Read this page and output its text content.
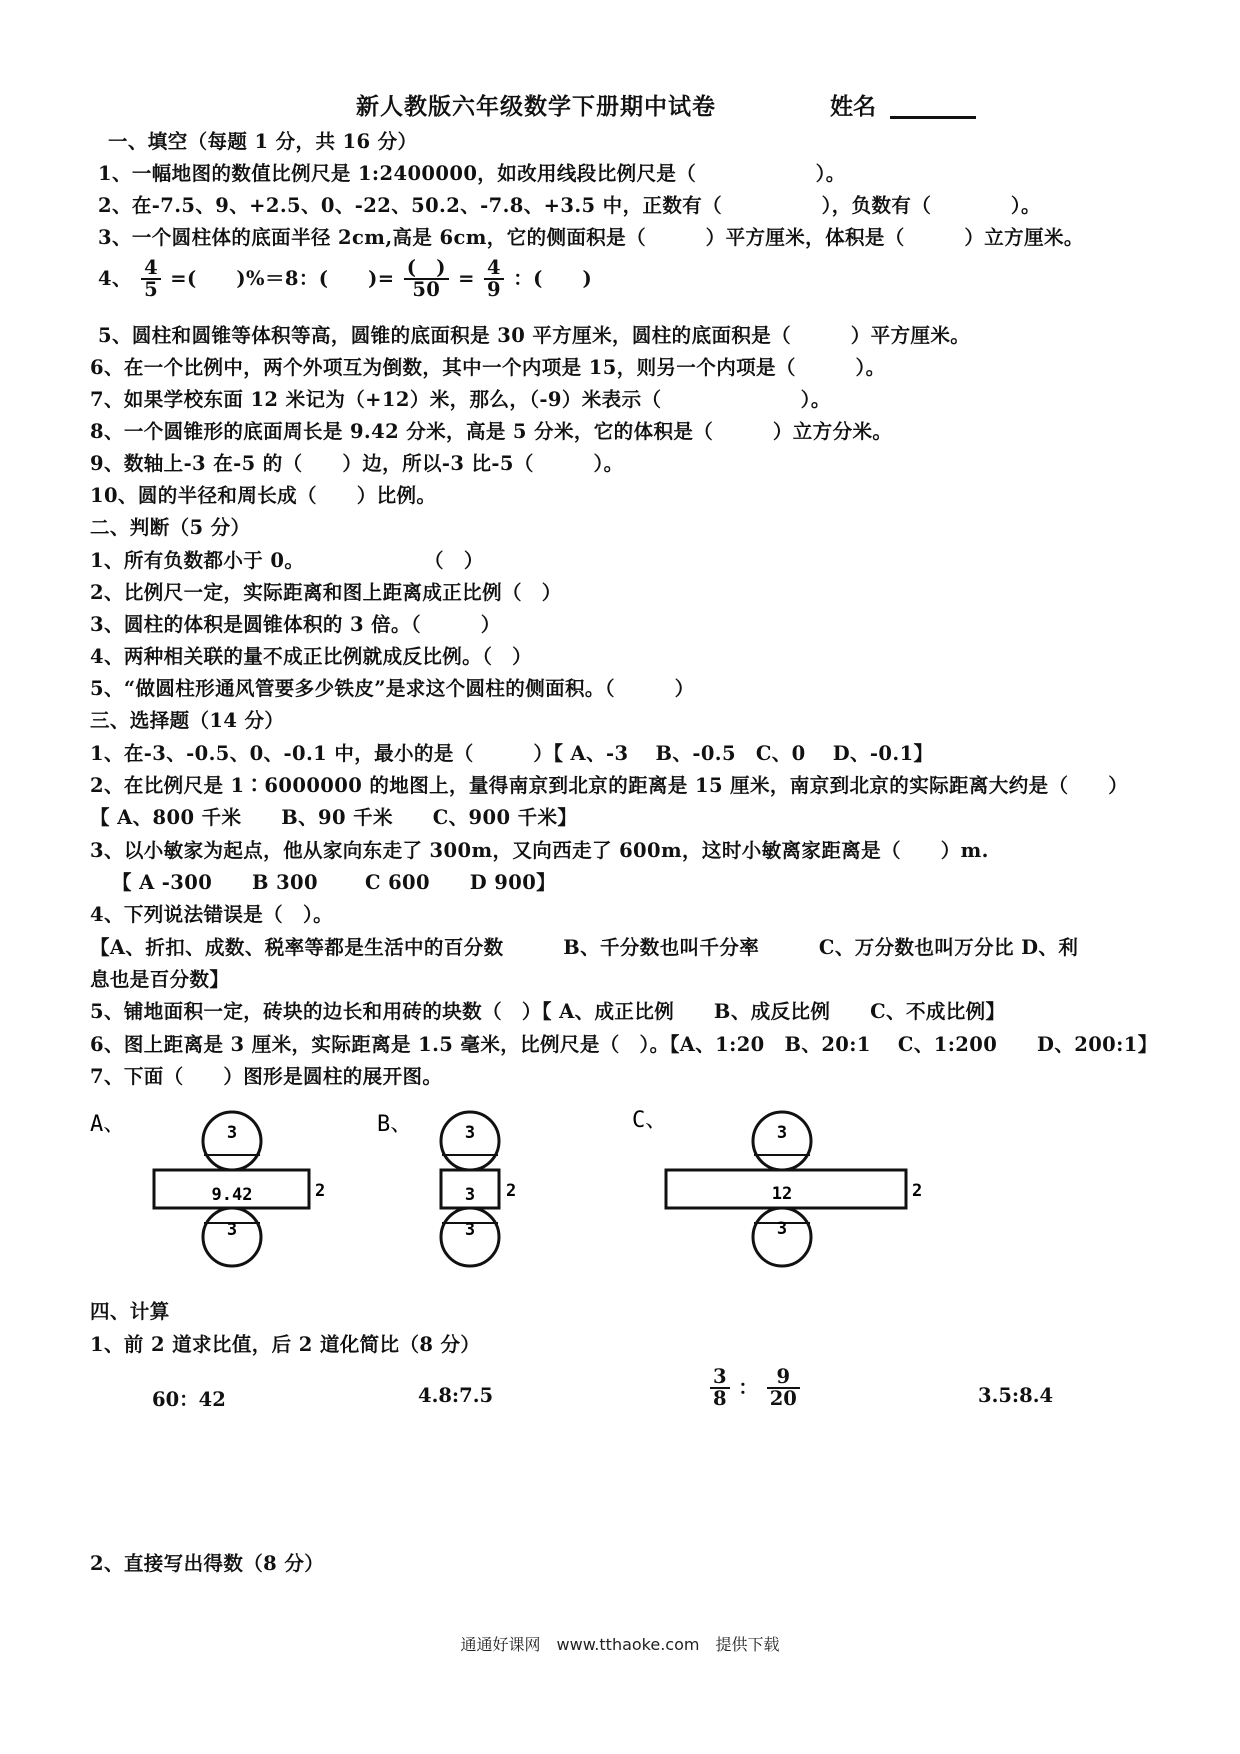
新人教版六年级数学下册期中试卷	姓名
一、填空（每题 1 分，共 16 分）
1、一幅地图的数值比例尺是 1:2400000，如改用线段比例尺是（　　　　　　）。
2、在-7.5、9、+2.5、0、-22、50.2、-7.8、+3.5 中，正数有（　　　　　），负数有（　　　　）。
3、一个圆柱体的底面半径 2cm,高是 6cm，它的侧面积是（　　　）平方厘米，体积是（　　　）立方厘米。
4、 $\frac{4}{5}$ =(　　)%＝8：(　　)= $\frac{( )}{50} = \frac{4}{9}$ ：(　　)
5、圆柱和圆锥等体积等高，圆锥的底面积是 30 平方厘米，圆柱的底面积是（　　　）平方厘米。
6、在一个比例中，两个外项互为倒数，其中一个内项是 15，则另一个内项是（　　　）。
7、如果学校东面 12 米记为（+12）米，那么，（-9）米表示（　　　　　　　）。
8、一个圆锥形的底面周长是 9.42 分米，高是 5 分米，它的体积是（　　　）立方分米。
9、数轴上-3 在-5 的（　　）边，所以-3 比-5（　　　）。
10、圆的半径和周长成（　　）比例。
二、判断（5 分）
1、所有负数都小于 0。　　　　　　　（　）
2、比例尺一定，实际距离和图上距离成正比例（　）
3、圆柱的体积是圆锥体积的 3 倍。（　　　）
4、两种相关联的量不成正比例就成反比例。（　）
5、“做圆柱形通风管要多少铁皮”是求这个圆柱的侧面积。（　　　）
三、选择题（14 分）
1、在-3、-0.5、0、-0.1 中，最小的是（　　　）【 A、-3　 B、-0.5　C、0　 D、-0.1】
2、在比例尺是 1∶6000000 的地图上，量得南京到北京的距离是 15 厘米，南京到北京的实际距离大约是（　　）
【 A、800 千米　　B、90 千米　　C、900 千米】
3、以小敏家为起点，他从家向东走了 300m，又向西走了 600m，这时小敏离家距离是（　　）m.
【 A -300　　B 300　　 C 600　　D 900】
4、下列说法错误是（　）。
【A、折扣、成数、税率等都是生活中的百分数　　　B、千分数也叫千分率　　　C、万分数也叫万分比 D、利
息也是百分数】
5、铺地面积一定，砖块的边长和用砖的块数（　）【 A、成正比例　　B、成反比例　　C、不成比例】
6、图上距离是 3 厘米，实际距离是 1.5 毫米，比例尺是（　）。【A、1:20　B、20:1　 C、1:200　　D、200:1】
7、下面（　　）图形是圆柱的展开图。
A、	3
9.42	2
3
B、	3
3 2
3
C、	3
12	2
3
四、计算
1、前 2 道求比值，后 2 道化简比（8 分）
60：42	4.8:7.5	$\frac{3}{8}$ ： $\frac{9}{20}$	3.5:8.4
2、直接写出得数（8 分）
通通好课网　www.tthaoke.com　提供下载
